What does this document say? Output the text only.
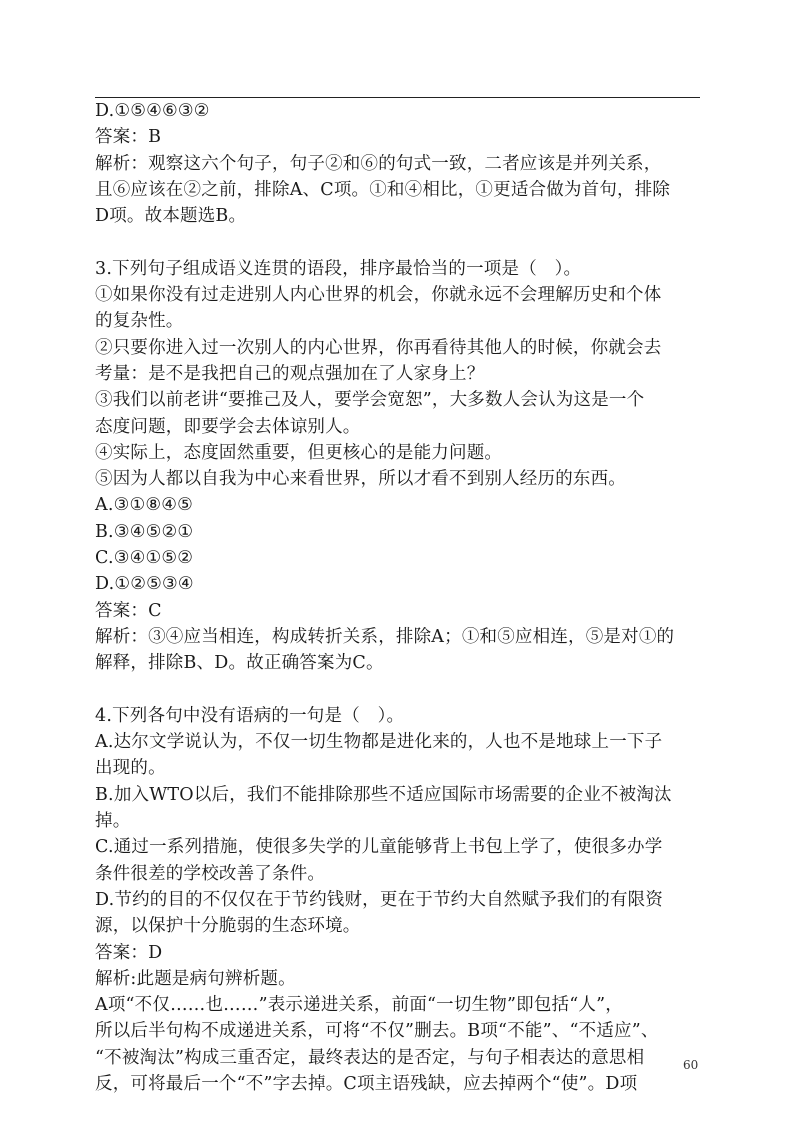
D.①⑤④⑥③②

答案：B

解析：观察这六个句子，句子②和⑥的句式一致，二者应该是并列关系，

且⑥应该在②之前，排除A、C项。①和④相比，①更适合做为首句，排除

D项。故本题选B。

3.下列句子组成语义连贯的语段，排序最恰当的一项是（　）。

①如果你没有过走进别人内心世界的机会，你就永远不会理解历史和个体

的复杂性。

②只要你进入过一次别人的内心世界，你再看待其他人的时候，你就会去

考量：是不是我把自己的观点强加在了人家身上？

③我们以前老讲“要推己及人，要学会宽恕”，大多数人会认为这是一个

态度问题，即要学会去体谅别人。

④实际上，态度固然重要，但更核心的是能力问题。

⑤因为人都以自我为中心来看世界，所以才看不到别人经历的东西。

A.③①⑧④⑤

B.③④⑤②①

C.③④①⑤②

D.①②⑤③④

答案：C

解析：③④应当相连，构成转折关系，排除A；①和⑤应相连，⑤是对①的

解释，排除B、D。故正确答案为C。

4.下列各句中没有语病的一句是（　）。

A.达尔文学说认为，不仅一切生物都是进化来的，人也不是地球上一下子

出现的。

B.加入WTO以后，我们不能排除那些不适应国际市场需要的企业不被淘汰

掉。

C.通过一系列措施，使很多失学的儿童能够背上书包上学了，使很多办学

条件很差的学校改善了条件。

D.节约的目的不仅仅在于节约钱财，更在于节约大自然赋予我们的有限资

源，以保护十分脆弱的生态环境。

答案：D

解析:此题是病句辨析题。

A项“不仅……也……”表示递进关系，前面“一切生物”即包括“人”，

所以后半句构不成递进关系，可将“不仅”删去。B项“不能”、“不适应”、

“不被淘汰”构成三重否定，最终表达的是否定，与句子相表达的意思相

反，可将最后一个“不”字去掉。C项主语残缺，应去掉两个“使”。D项

60
